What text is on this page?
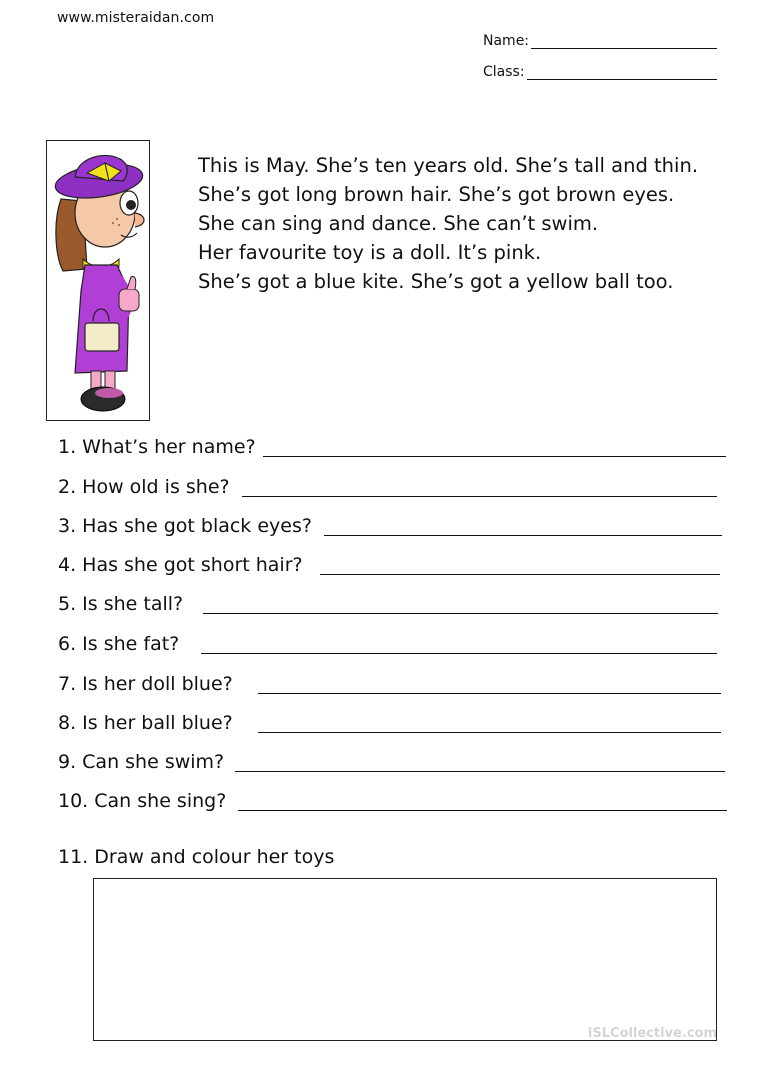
www.misteraidan.com
Name:
Class:
This is May. She’s ten years old. She’s tall and thin.
She’s got long brown hair. She’s got brown eyes.
She can sing and dance. She can’t swim.
Her favourite toy is a doll. It’s pink.
She’s got a blue kite. She’s got a yellow ball too.
1. What’s her name?
2. How old is she?
3. Has she got black eyes?
4. Has she got short hair?
5. Is she tall?
6. Is she fat?
7. Is her doll blue?
8. Is her ball blue?
9. Can she swim?
10. Can she sing?
11. Draw and colour her toys
iSLCollective.com
